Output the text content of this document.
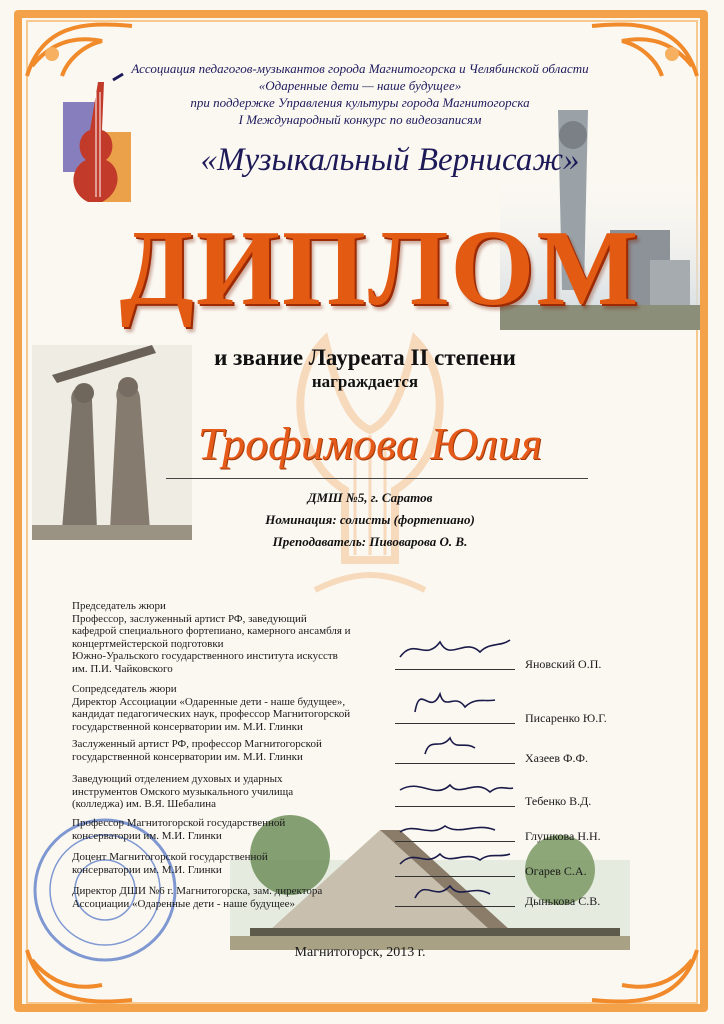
Ассоциация педагогов-музыкантов города Магнитогорска и Челябинской области
«Одаренные дети — наше будущее»
при поддержке Управления культуры города Магнитогорска
I Международный конкурс по видеозаписям
«Музыкальный Вернисаж»
ДИПЛОМ
и звание Лауреата II степени
награждается
Трофимова Юлия
ДМШ №5, г. Саратов
Номинация: солисты (фортепиано)
Преподаватель: Пивоварова О. В.
Председатель жюри
Профессор, заслуженный артист РФ, заведующий
кафедрой специального фортепиано, камерного ансамбля и
концертмейстерской подготовки
Южно-Уральского государственного института искусств
им. П.И. Чайковского
Сопредседатель жюри
Директор Ассоциации «Одаренные дети - наше будущее»,
кандидат педагогических наук, профессор Магнитогорской
государственной консерватории им. М.И. Глинки
Заслуженный артист РФ, профессор Магнитогорской
государственной консерватории им. М.И. Глинки
Заведующий отделением духовых и ударных
инструментов Омского музыкального училища
(колледжа) им. В.Я. Шебалина
Профессор Магнитогорской государственной
консерватории им. М.И. Глинки
Доцент Магнитогорской государственной
консерватории им. М.И. Глинки
Директор ДШИ №6 г. Магнитогорска, зам. директора
Ассоциации «Одаренные дети - наше будущее»
Яновский О.П.
Писаренко Ю.Г.
Хазеев Ф.Ф.
Тебенко В.Д.
Глушкова Н.Н.
Огарев С.А.
Дынькова С.В.
Магнитогорск, 2013 г.
